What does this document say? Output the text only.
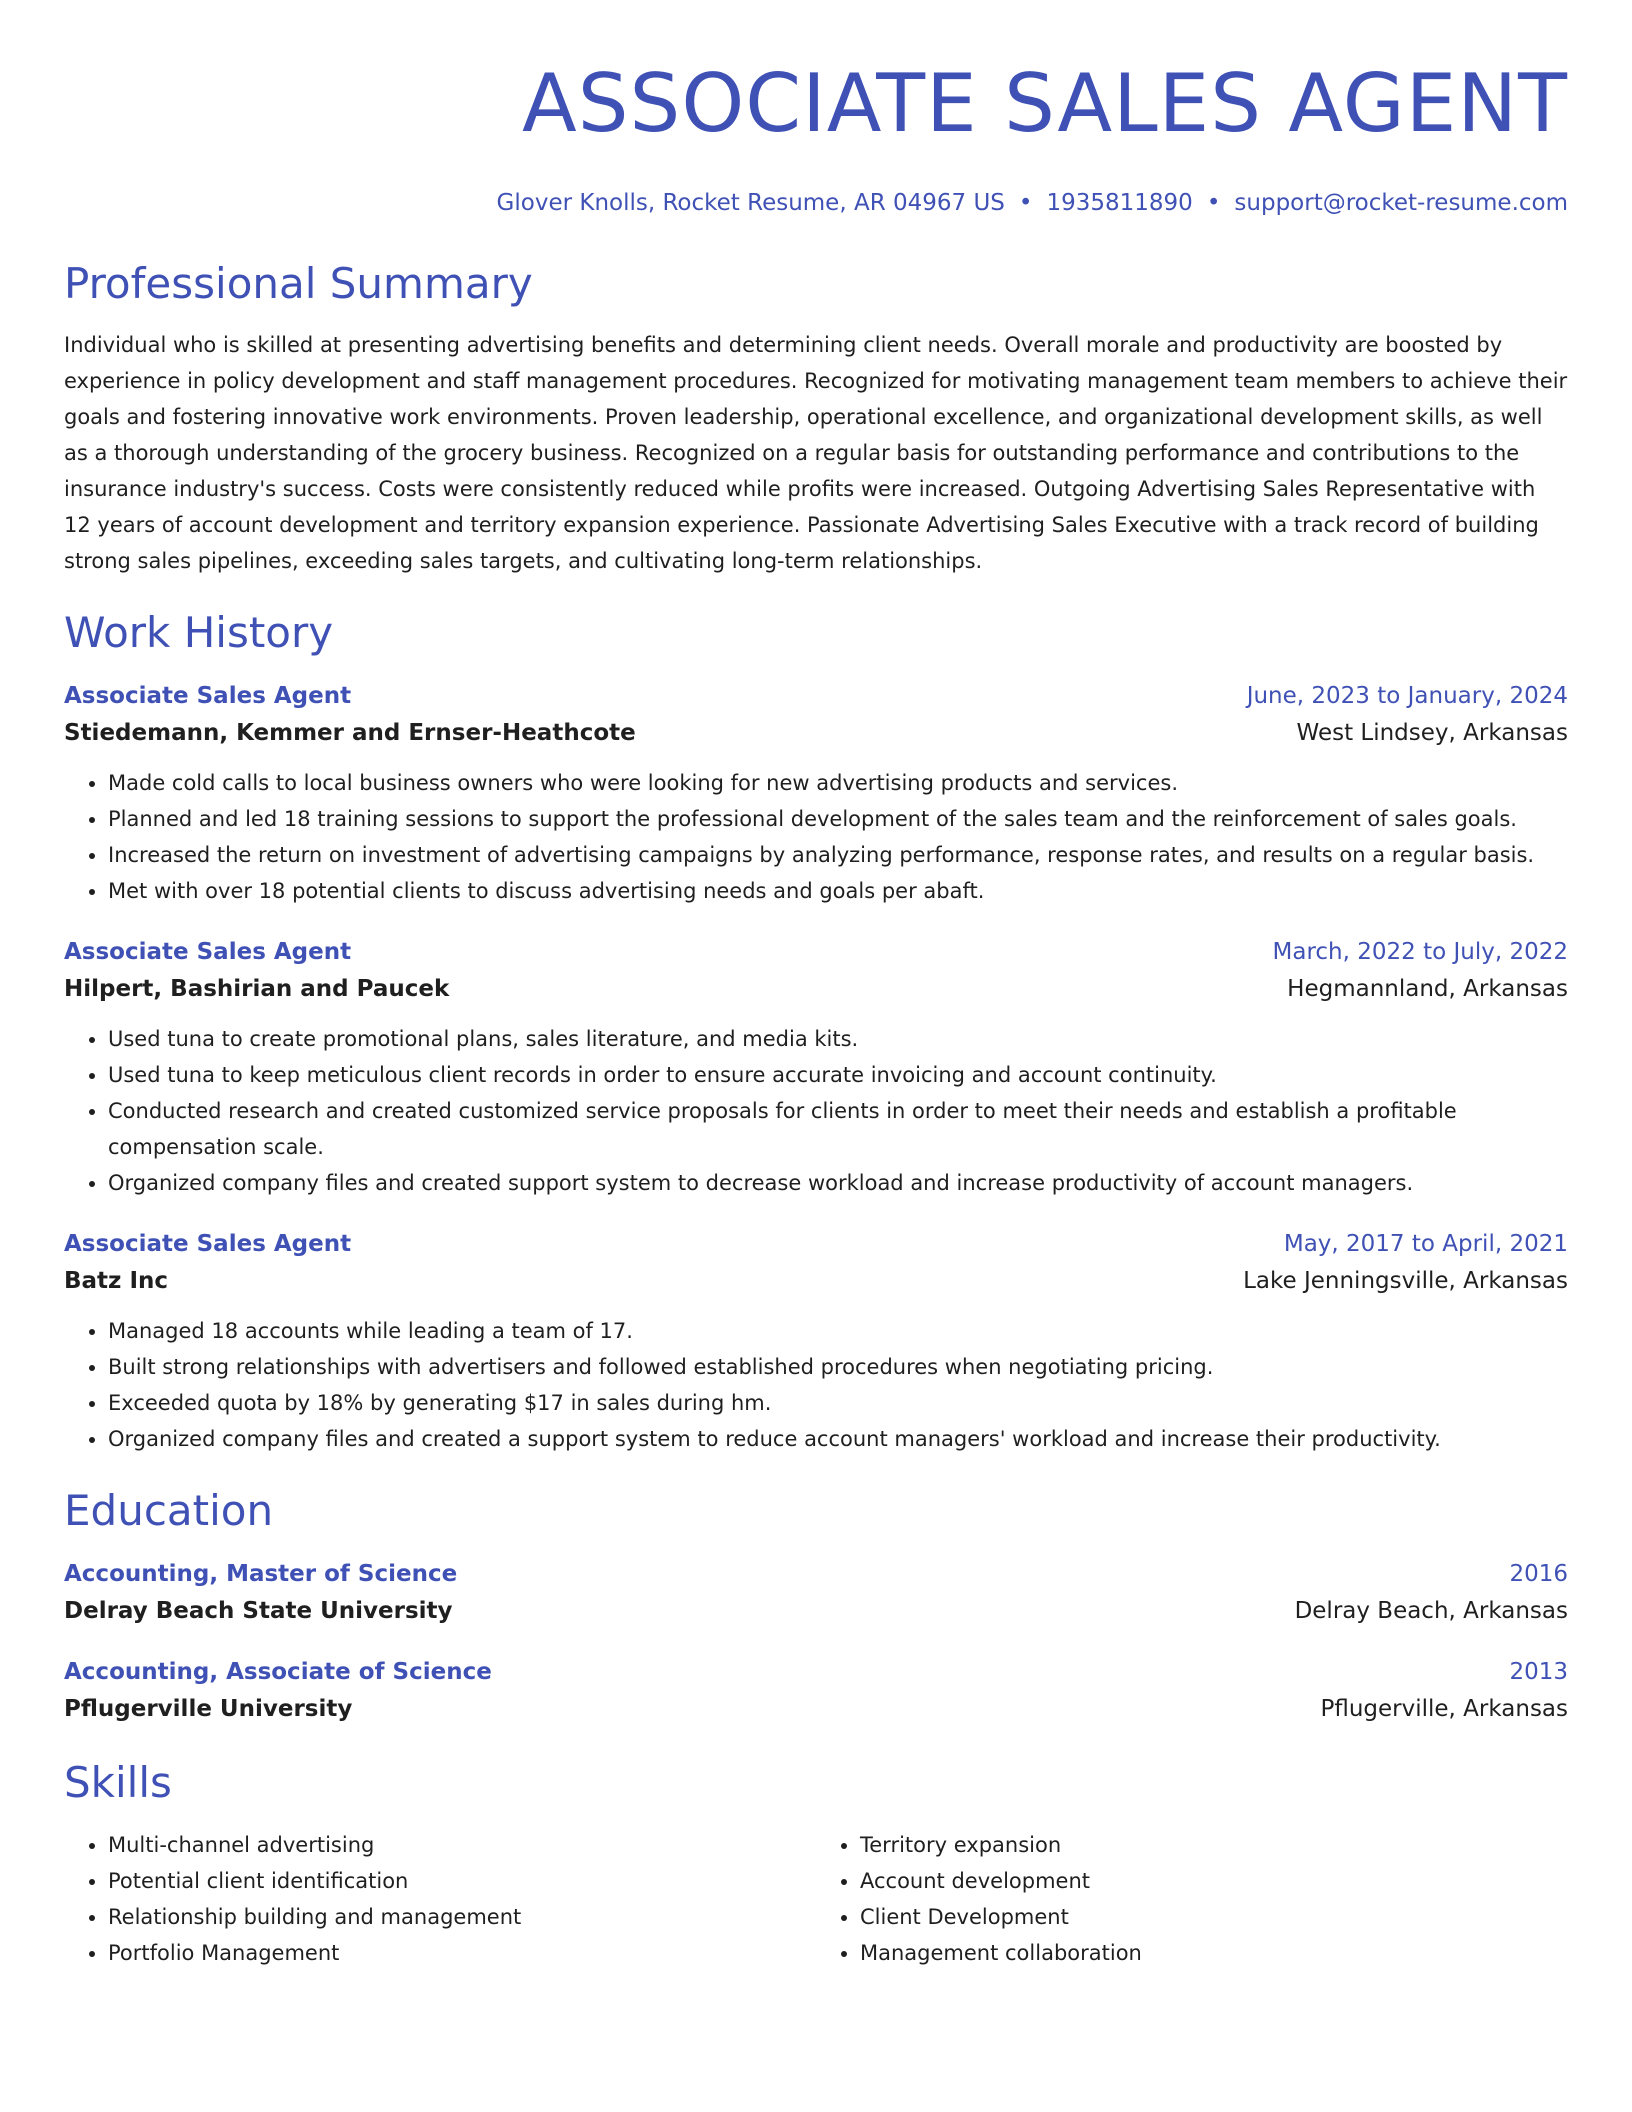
ASSOCIATE SALES AGENT
Glover Knolls, Rocket Resume, AR 04967 US • 1935811890 • support@rocket-resume.com
Professional Summary

Individual who is skilled at presenting advertising benefits and determining client needs. Overall morale and productivity are boosted by experience in policy development and staff management procedures. Recognized for motivating management team members to achieve their goals and fostering innovative work environments. Proven leadership, operational excellence, and organizational development skills, as well as a thorough understanding of the grocery business. Recognized on a regular basis for outstanding performance and contributions to the insurance industry's success. Costs were consistently reduced while profits were increased. Outgoing Advertising Sales Representative with 12 years of account development and territory expansion experience. Passionate Advertising Sales Executive with a track record of building strong sales pipelines, exceeding sales targets, and cultivating long-term relationships.

Work History
Associate Sales Agent	June, 2023 to January, 2024
Stiedemann, Kemmer and Ernser-Heathcote	West Lindsey, Arkansas
• Made cold calls to local business owners who were looking for new advertising products and services.
• Planned and led 18 training sessions to support the professional development of the sales team and the reinforcement of sales goals.
• Increased the return on investment of advertising campaigns by analyzing performance, response rates, and results on a regular basis.
• Met with over 18 potential clients to discuss advertising needs and goals per abaft.
Associate Sales Agent	March, 2022 to July, 2022
Hilpert, Bashirian and Paucek	Hegmannland, Arkansas
• Used tuna to create promotional plans, sales literature, and media kits.
• Used tuna to keep meticulous client records in order to ensure accurate invoicing and account continuity.
• Conducted research and created customized service proposals for clients in order to meet their needs and establish a profitable compensation scale.
• Organized company files and created support system to decrease workload and increase productivity of account managers.
Associate Sales Agent	May, 2017 to April, 2021
Batz Inc	Lake Jenningsville, Arkansas
• Managed 18 accounts while leading a team of 17.
• Built strong relationships with advertisers and followed established procedures when negotiating pricing.
• Exceeded quota by 18% by generating $17 in sales during hm.
• Organized company files and created a support system to reduce account managers' workload and increase their productivity.
Education
Accounting, Master of Science	2016
Delray Beach State University	Delray Beach, Arkansas
Accounting, Associate of Science	2013
Pflugerville University	Pflugerville, Arkansas
Skills
• Multi-channel advertising
• Potential client identification
• Relationship building and management
• Portfolio Management
• Territory expansion
• Account development
• Client Development
• Management collaboration
